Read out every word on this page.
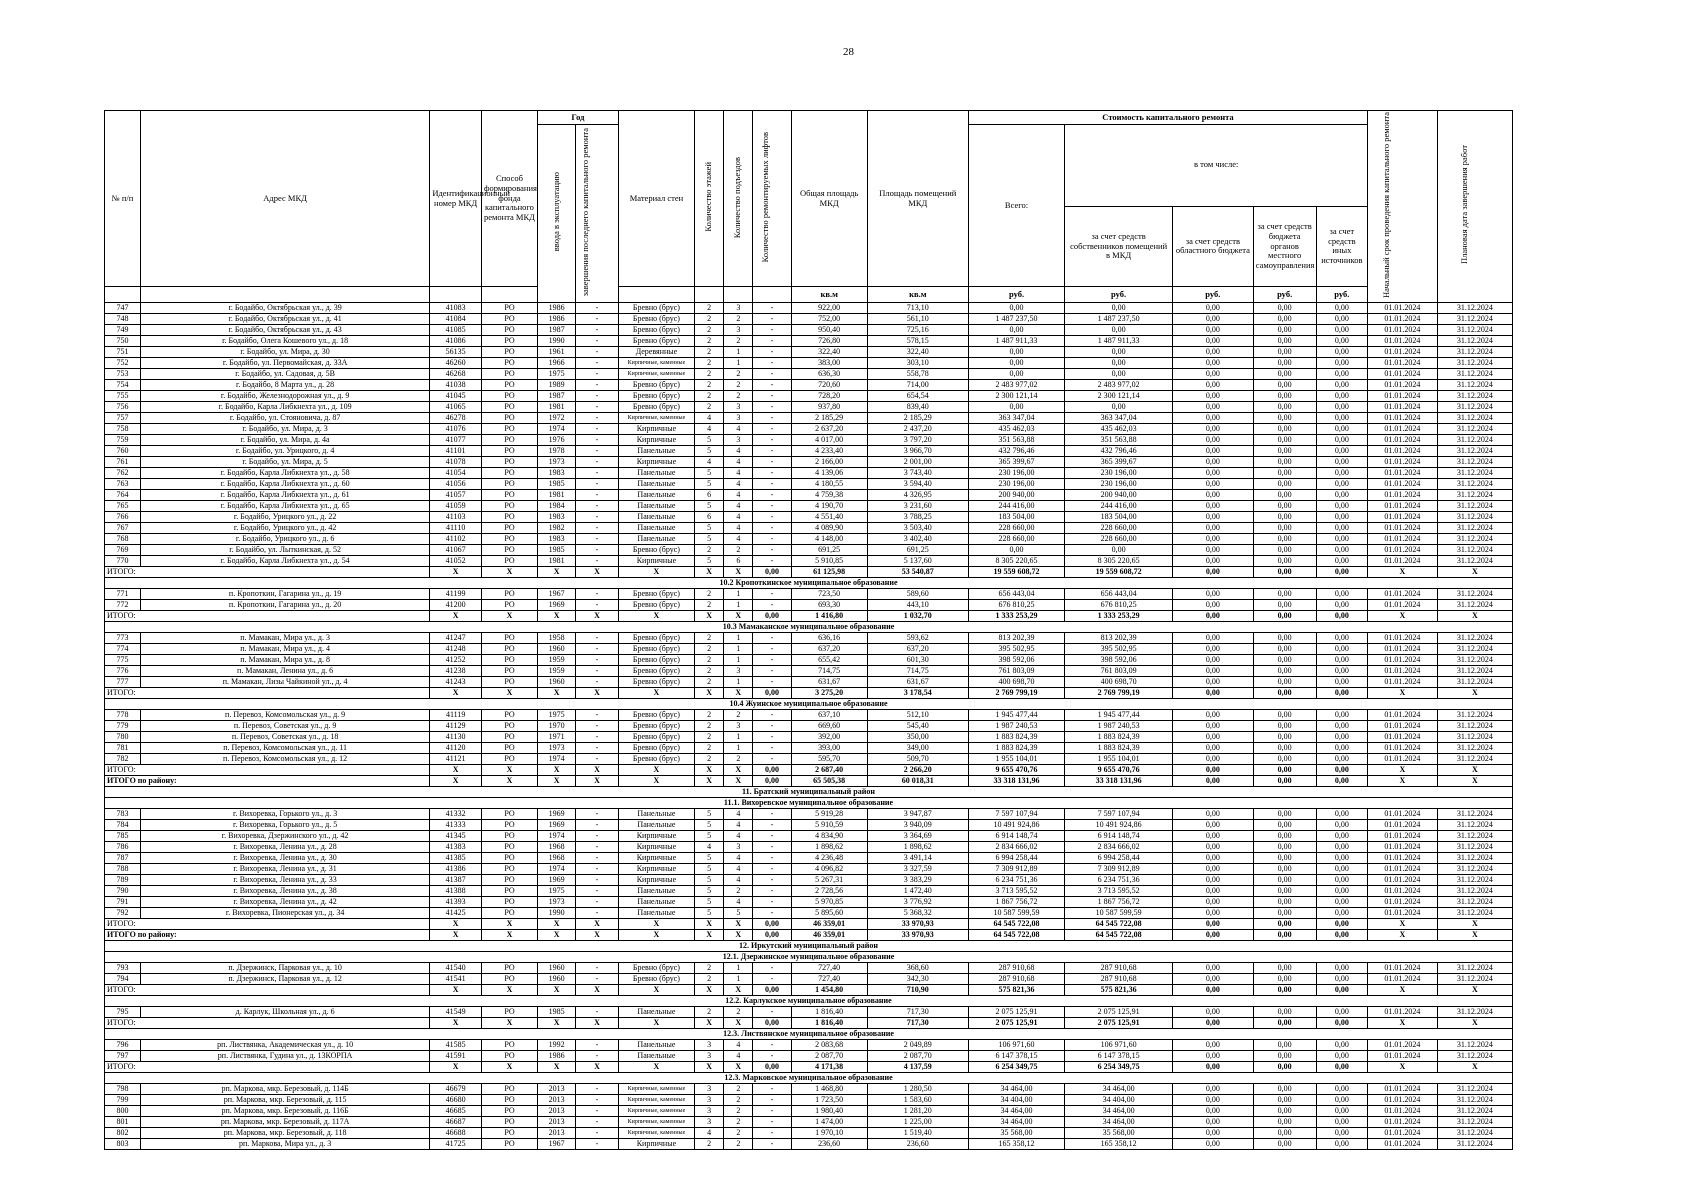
28
№ п/п	Адрес МКД	Идентификационный номер МКД	Способ формирования фонда капитального ремонта МКД	Год		Материал стен	Количество этажей	Количество подъездов	Количество ремонтируемых лифтов	Общая площадь МКД	Площадь помещений МКД	Стоимость капитального ремонта					Начальный срок проведения капитального ремонта	Плановая дата завершения работ
				ввода в эксплуатацию	завершения последнего капитального ремонта							Всего:	в том числе:					
													за счет средств собственников помещений в МКД	за счет средств областного бюджета	за счет средств бюджета органов местного самоуправления	за счет средств иных источников		
										кв.м	кв.м	руб.	руб.	руб.	руб.	руб.		
747	г. Бодайбо, Октябрьская ул., д. 39	41083	РО	1986	-	Бревно (брус)	2	3	-	922,00	713,10	0,00	0,00	0,00	0,00	0,00	01.01.2024	31.12.2024
748	г. Бодайбо, Октябрьская ул., д. 41	41084	РО	1986	-	Бревно (брус)	2	2	-	752,00	561,10	1 487 237,50	1 487 237,50	0,00	0,00	0,00	01.01.2024	31.12.2024
749	г. Бодайбо, Октябрьская ул., д. 43	41085	РО	1987	-	Бревно (брус)	2	3	-	950,40	725,16	0,00	0,00	0,00	0,00	0,00	01.01.2024	31.12.2024
750	г. Бодайбо, Олега Кошевого ул., д. 18	41086	РО	1990	-	Бревно (брус)	2	2	-	726,80	578,15	1 487 911,33	1 487 911,33	0,00	0,00	0,00	01.01.2024	31.12.2024
751	г. Бодайбо, ул. Мира, д. 30	56135	РО	1961	-	Деревянные	2	1	-	322,40	322,40	0,00	0,00	0,00	0,00	0,00	01.01.2024	31.12.2024
752	г. Бодайбо, ул. Первомайская, д. 33А	46260	РО	1966	-	Кирпичные, каменные	2	1	-	383,00	303,10	0,00	0,00	0,00	0,00	0,00	01.01.2024	31.12.2024
753	г. Бодайбо, ул. Садовая, д. 5В	46268	РО	1975	-	Кирпичные, каменные	2	2	-	636,30	558,78	0,00	0,00	0,00	0,00	0,00	01.01.2024	31.12.2024
754	г. Бодайбо, 8 Марта ул., д. 28	41038	РО	1989	-	Бревно (брус)	2	2	-	720,60	714,00	2 483 977,02	2 483 977,02	0,00	0,00	0,00	01.01.2024	31.12.2024
755	г. Бодайбо, Железнодорожная ул., д. 9	41045	РО	1987	-	Бревно (брус)	2	2	-	728,20	654,54	2 300 121,14	2 300 121,14	0,00	0,00	0,00	01.01.2024	31.12.2024
756	г. Бодайбо, Карла Либкнехта ул., д. 109	41065	РО	1981	-	Бревно (брус)	2	3	-	937,80	839,40	0,00	0,00	0,00	0,00	0,00	01.01.2024	31.12.2024
757	г. Бодайбо, ул. Стояновича, д. 87	46278	РО	1972	-	Кирпичные, каменные	4	3	-	2 185,29	2 185,29	363 347,04	363 347,04	0,00	0,00	0,00	01.01.2024	31.12.2024
758	г. Бодайбо, ул. Мира, д. 3	41076	РО	1974	-	Кирпичные	4	4	-	2 637,20	2 437,20	435 462,03	435 462,03	0,00	0,00	0,00	01.01.2024	31.12.2024
759	г. Бодайбо, ул. Мира, д. 4а	41077	РО	1976	-	Кирпичные	5	3	-	4 017,00	3 797,20	351 563,88	351 563,88	0,00	0,00	0,00	01.01.2024	31.12.2024
760	г. Бодайбо, ул. Урицкого, д. 4	41101	РО	1978	-	Панельные	5	4	-	4 233,40	3 966,70	432 796,46	432 796,46	0,00	0,00	0,00	01.01.2024	31.12.2024
761	г. Бодайбо, ул. Мира, д. 5	41078	РО	1973	-	Кирпичные	4	4	-	2 166,00	2 001,00	365 399,67	365 399,67	0,00	0,00	0,00	01.01.2024	31.12.2024
762	г. Бодайбо, Карла Либкнехта ул., д. 58	41054	РО	1983	-	Панельные	5	4	-	4 139,06	3 743,40	230 196,00	230 196,00	0,00	0,00	0,00	01.01.2024	31.12.2024
763	г. Бодайбо, Карла Либкнехта ул., д. 60	41056	РО	1985	-	Панельные	5	4	-	4 180,55	3 594,40	230 196,00	230 196,00	0,00	0,00	0,00	01.01.2024	31.12.2024
764	г. Бодайбо, Карла Либкнехта ул., д. 61	41057	РО	1981	-	Панельные	6	4	-	4 759,38	4 326,95	200 940,00	200 940,00	0,00	0,00	0,00	01.01.2024	31.12.2024
765	г. Бодайбо, Карла Либкнехта ул., д. 65	41059	РО	1984	-	Панельные	5	4	-	4 190,70	3 231,60	244 416,00	244 416,00	0,00	0,00	0,00	01.01.2024	31.12.2024
766	г. Бодайбо, Урицкого ул., д. 22	41103	РО	1983	-	Панельные	6	4	-	4 551,40	3 788,25	183 504,00	183 504,00	0,00	0,00	0,00	01.01.2024	31.12.2024
767	г. Бодайбо, Урицкого ул., д. 42	41110	РО	1982	-	Панельные	5	4	-	4 089,90	3 503,40	228 660,00	228 660,00	0,00	0,00	0,00	01.01.2024	31.12.2024
768	г. Бодайбо, Урицкого ул., д. 6	41102	РО	1983	-	Панельные	5	4	-	4 148,00	3 402,40	228 660,00	228 660,00	0,00	0,00	0,00	01.01.2024	31.12.2024
769	г. Бодайбо, ул. Лыткинская, д. 52	41067	РО	1985	-	Бревно (брус)	2	2	-	691,25	691,25	0,00	0,00	0,00	0,00	0,00	01.01.2024	31.12.2024
770	г. Бодайбо, Карла Либкнехта ул., д. 54	41052	РО	1981	-	Кирпичные	5	6	-	5 910,85	5 137,60	8 305 220,65	8 305 220,65	0,00	0,00	0,00	01.01.2024	31.12.2024
ИТОГО:		X	X	X	X	X	X	X	0,00	61 125,98	53 540,87	19 559 608,72	19 559 608,72	0,00	0,00	0,00	X	X
10.2 Кропоткинское муниципальное образование																		
771	п. Кропоткин, Гагарина ул., д. 19	41199	РО	1967	-	Бревно (брус)	2	1	-	723,50	589,60	656 443,04	656 443,04	0,00	0,00	0,00	01.01.2024	31.12.2024
772	п. Кропоткин, Гагарина ул., д. 20	41200	РО	1969	-	Бревно (брус)	2	1	-	693,30	443,10	676 810,25	676 810,25	0,00	0,00	0,00	01.01.2024	31.12.2024
ИТОГО:		X	X	X	X	X	X	X	0,00	1 416,80	1 032,70	1 333 253,29	1 333 253,29	0,00	0,00	0,00	X	X
10.3 Мамаканское муниципальное образование																		
773	п. Мамакан, Мира ул., д. 3	41247	РО	1958	-	Бревно (брус)	2	1	-	636,16	593,62	813 202,39	813 202,39	0,00	0,00	0,00	01.01.2024	31.12.2024
774	п. Мамакан, Мира ул., д. 4	41248	РО	1960	-	Бревно (брус)	2	1	-	637,20	637,20	395 502,95	395 502,95	0,00	0,00	0,00	01.01.2024	31.12.2024
775	п. Мамакан, Мира ул., д. 8	41252	РО	1959	-	Бревно (брус)	2	1	-	655,42	601,30	398 592,06	398 592,06	0,00	0,00	0,00	01.01.2024	31.12.2024
776	п. Мамакан, Ленина ул., д. 6	41238	РО	1959	-	Бревно (брус)	2	3	-	714,75	714,75	761 803,09	761 803,09	0,00	0,00	0,00	01.01.2024	31.12.2024
777	п. Мамакан, Лизы Чайкиной ул., д. 4	41243	РО	1960	-	Бревно (брус)	2	1	-	631,67	631,67	400 698,70	400 698,70	0,00	0,00	0,00	01.01.2024	31.12.2024
ИТОГО:		X	X	X	X	X	X	X	0,00	3 275,20	3 178,54	2 769 799,19	2 769 799,19	0,00	0,00	0,00	X	X
10.4 Жуинское муниципальное образование																		
778	п. Перевоз, Комсомольская ул., д. 9	41119	РО	1975	-	Бревно (брус)	2	2	-	637,10	512,10	1 945 477,44	1 945 477,44	0,00	0,00	0,00	01.01.2024	31.12.2024
779	п. Перевоз, Советская ул., д. 9	41129	РО	1970	-	Бревно (брус)	2	3	-	669,60	545,40	1 987 240,53	1 987 240,53	0,00	0,00	0,00	01.01.2024	31.12.2024
780	п. Перевоз, Советская ул., д. 18	41130	РО	1971	-	Бревно (брус)	2	1	-	392,00	350,00	1 883 824,39	1 883 824,39	0,00	0,00	0,00	01.01.2024	31.12.2024
781	п. Перевоз, Комсомольская ул., д. 11	41120	РО	1973	-	Бревно (брус)	2	1	-	393,00	349,00	1 883 824,39	1 883 824,39	0,00	0,00	0,00	01.01.2024	31.12.2024
782	п. Перевоз, Комсомольская ул., д. 12	41121	РО	1974	-	Бревно (брус)	2	2	-	595,70	509,70	1 955 104,01	1 955 104,01	0,00	0,00	0,00	01.01.2024	31.12.2024
ИТОГО:		X	X	X	X	X	X	X	0,00	2 687,40	2 266,20	9 655 470,76	9 655 470,76	0,00	0,00	0,00	X	X
ИТОГО по району:		X	X	X	X	X	X	X	0,00	65 505,38	60 018,31	33 318 131,96	33 318 131,96	0,00	0,00	0,00	X	X
11. Братский муниципальный район																		
11.1. Вихоревское муниципальное образование																		
783	г. Вихоревка, Горького ул., д. 3	41332	РО	1969	-	Панельные	5	4	-	5 919,28	3 947,87	7 597 107,94	7 597 107,94	0,00	0,00	0,00	01.01.2024	31.12.2024
784	г. Вихоревка, Горького ул., д. 5	41333	РО	1969	-	Панельные	5	4	-	5 910,59	3 940,09	10 491 924,86	10 491 924,86	0,00	0,00	0,00	01.01.2024	31.12.2024
785	г. Вихоревка, Дзержинского ул., д. 42	41345	РО	1974	-	Кирпичные	5	4	-	4 834,90	3 364,69	6 914 148,74	6 914 148,74	0,00	0,00	0,00	01.01.2024	31.12.2024
786	г. Вихоревка, Ленина ул., д. 28	41383	РО	1968	-	Кирпичные	4	3	-	1 898,62	1 898,62	2 834 666,02	2 834 666,02	0,00	0,00	0,00	01.01.2024	31.12.2024
787	г. Вихоревка, Ленина ул., д. 30	41385	РО	1968	-	Кирпичные	5	4	-	4 236,48	3 491,14	6 994 258,44	6 994 258,44	0,00	0,00	0,00	01.01.2024	31.12.2024
788	г. Вихоревка, Ленина ул., д. 31	41386	РО	1974	-	Кирпичные	5	4	-	4 096,82	3 327,59	7 309 912,89	7 309 912,89	0,00	0,00	0,00	01.01.2024	31.12.2024
789	г. Вихоревка, Ленина ул., д. 33	41387	РО	1969	-	Кирпичные	5	4	-	5 267,31	3 383,29	6 234 751,36	6 234 751,36	0,00	0,00	0,00	01.01.2024	31.12.2024
790	г. Вихоревка, Ленина ул., д. 38	41388	РО	1975	-	Панельные	5	2	-	2 728,56	1 472,40	3 713 595,52	3 713 595,52	0,00	0,00	0,00	01.01.2024	31.12.2024
791	г. Вихоревка, Ленина ул., д. 42	41393	РО	1973	-	Панельные	5	4	-	5 970,85	3 776,92	1 867 756,72	1 867 756,72	0,00	0,00	0,00	01.01.2024	31.12.2024
792	г. Вихоревка, Пионерская ул., д. 34	41425	РО	1990	-	Панельные	5	5	-	5 895,60	5 368,32	10 587 599,59	10 587 599,59	0,00	0,00	0,00	01.01.2024	31.12.2024
ИТОГО:		X	X	X	X	X	X	X	0,00	46 359,01	33 970,93	64 545 722,08	64 545 722,08	0,00	0,00	0,00	X	X
ИТОГО по району:		X	X	X	X	X	X	X	0,00	46 359,01	33 970,93	64 545 722,08	64 545 722,08	0,00	0,00	0,00	X	X
12. Иркутский муниципальный район																		
12.1. Дзержинское муниципальное образование																		
793	п. Дзержинск, Парковая ул., д. 10	41540	РО	1960	-	Бревно (брус)	2	1	-	727,40	368,60	287 910,68	287 910,68	0,00	0,00	0,00	01.01.2024	31.12.2024
794	п. Дзержинск, Парковая ул., д. 12	41541	РО	1960	-	Бревно (брус)	2	1	-	727,40	342,30	287 910,68	287 910,68	0,00	0,00	0,00	01.01.2024	31.12.2024
ИТОГО:		X	X	X	X	X	X	X	0,00	1 454,80	710,90	575 821,36	575 821,36	0,00	0,00	0,00	X	X
12.2. Карлукское муниципальное образование																		
795	д. Карлук, Школьная ул., д. 6	41549	РО	1985	-	Панельные	2	2	-	1 816,40	717,30	2 075 125,91	2 075 125,91	0,00	0,00	0,00	01.01.2024	31.12.2024
ИТОГО:		X	X	X	X	X	X	X	0,00	1 816,40	717,30	2 075 125,91	2 075 125,91	0,00	0,00	0,00	X	X
12.3. Листвянское муниципальное образование																		
796	рп. Листвянка, Академическая ул., д. 10	41585	РО	1992	-	Панельные	3	4	-	2 083,68	2 049,89	106 971,60	106 971,60	0,00	0,00	0,00	01.01.2024	31.12.2024
797	рп. Листвянка, Гудина ул., д. 13КОРПА	41591	РО	1986	-	Панельные	3	4	-	2 087,70	2 087,70	6 147 378,15	6 147 378,15	0,00	0,00	0,00	01.01.2024	31.12.2024
ИТОГО:		X	X	X	X	X	X	X	0,00	4 171,38	4 137,59	6 254 349,75	6 254 349,75	0,00	0,00	0,00	X	X
12.3. Марковское муниципальное образование																		
798	рп. Маркова, мкр. Березовый, д. 114Б	46679	РО	2013	-	Кирпичные, каменные	3	2	-	1 468,80	1 280,50	34 464,00	34 464,00	0,00	0,00	0,00	01.01.2024	31.12.2024
799	рп. Маркова, мкр. Березовый, д. 115	46680	РО	2013	-	Кирпичные, каменные	3	2	-	1 723,50	1 583,60	34 404,00	34 404,00	0,00	0,00	0,00	01.01.2024	31.12.2024
800	рп. Маркова, мкр. Березовый, д. 116Б	46685	РО	2013	-	Кирпичные, каменные	3	2	-	1 980,40	1 281,20	34 464,00	34 464,00	0,00	0,00	0,00	01.01.2024	31.12.2024
801	рп. Маркова, мкр. Березовый, д. 117А	46687	РО	2013	-	Кирпичные, каменные	3	2	-	1 474,00	1 225,00	34 464,00	34 464,00	0,00	0,00	0,00	01.01.2024	31.12.2024
802	рп. Маркова, мкр. Березовый, д. 118	46688	РО	2013	-	Кирпичные, каменные	4	2	-	1 970,10	1 519,40	35 568,00	35 568,00	0,00	0,00	0,00	01.01.2024	31.12.2024
803	рп. Маркова, Мира ул., д. 3	41725	РО	1967	-	Кирпичные	2	2	-	236,60	236,60	165 358,12	165 358,12	0,00	0,00	0,00	01.01.2024	31.12.2024
